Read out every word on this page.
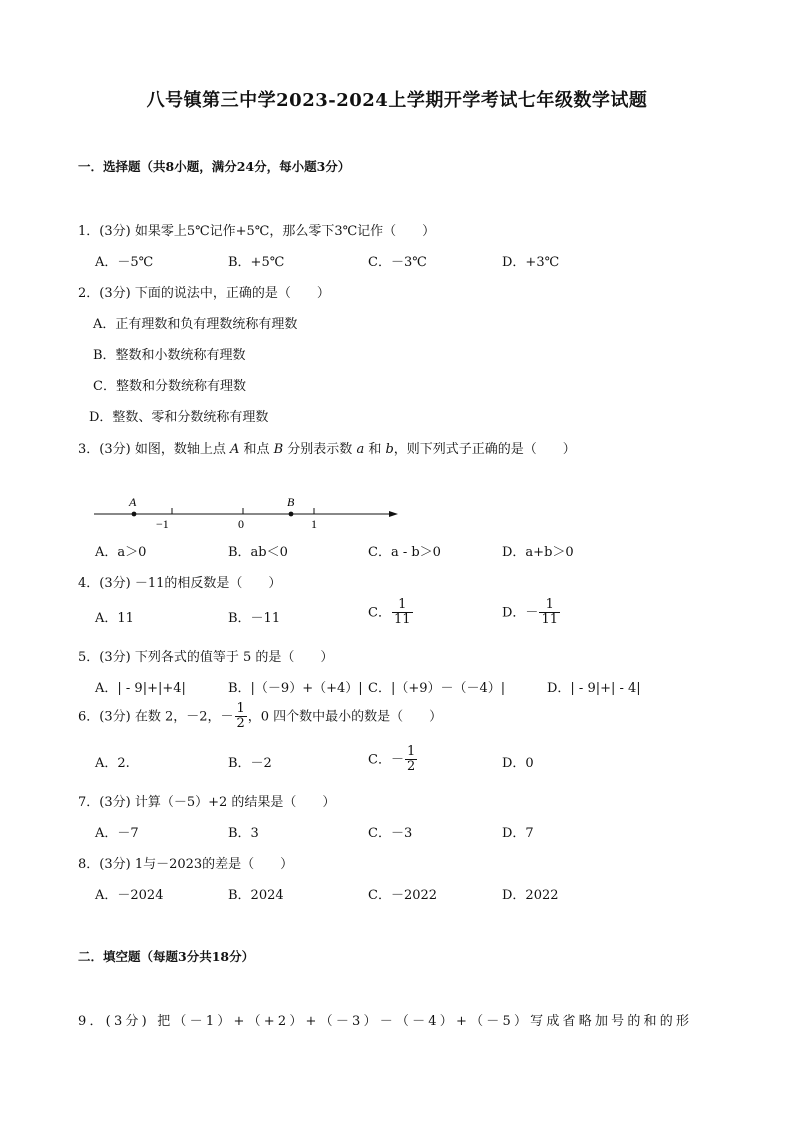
八号镇第三中学2023-2024上学期开学考试七年级数学试题
一．选择题（共8小题，满分24分，每小题3分）
1．(3分) 如果零上5℃记作+5℃，那么零下3℃记作（　　）
A．－5℃	B．+5℃	C．－3℃	D．+3℃
2．(3分) 下面的说法中，正确的是（　　）
A．正有理数和负有理数统称有理数
B．整数和小数统称有理数
C．整数和分数统称有理数
D．整数、零和分数统称有理数
3．(3分) 如图，数轴上点 A 和点 B 分别表示数 a 和 b，则下列式子正确的是（　　）
A	B
−1	0	1
A．a＞0	B．ab＜0	C．a - b＞0	D．a+b＞0
4．(3分) －11的相反数是（　　）
A．11	B．－11	C． $\frac{1}{11}$	D．－ $\frac{1}{11}$
5．(3分) 下列各式的值等于 5 的是（　　）
A．| - 9|+|+4|	B．|（－9）+（+4）| C．|（+9）－（－4）|	D．| - 9|+| - 4|
6．(3分) 在数 2，－2，－ $\frac{1}{2}$ ，0 四个数中最小的数是（　　）
A．2.	B．－2	C．－ $\frac{1}{2}$	D．0
7．(3分) 计算（－5）+2 的结果是（　　）
A．－7	B．3	C．－3	D．7
8．(3分) 1与－2023的差是（　　）
A．－2024	B．2024	C．－2022	D．2022
二．填空题（每题3分共18分）
9．(3分) 把（－1）+（+2）+（－3）－（－4）+（－5）写成省略加号的和的形
